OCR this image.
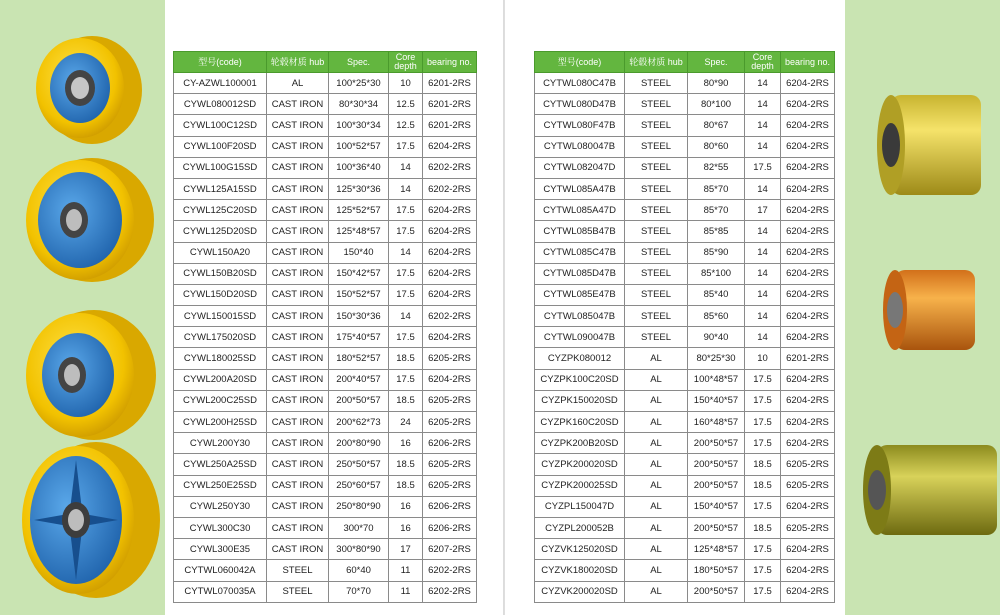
型号(code)	轮毂材质 hub	Spec.	Core depth	bearing no.
CY-AZWL100001	AL	100*25*30	10	6201-2RS
CYWL080012SD	CAST IRON	80*30*34	12.5	6201-2RS
CYWL100C12SD	CAST IRON	100*30*34	12.5	6201-2RS
CYWL100F20SD	CAST IRON	100*52*57	17.5	6204-2RS
CYWL100G15SD	CAST IRON	100*36*40	14	6202-2RS
CYWL125A15SD	CAST IRON	125*30*36	14	6202-2RS
CYWL125C20SD	CAST IRON	125*52*57	17.5	6204-2RS
CYWL125D20SD	CAST IRON	125*48*57	17.5	6204-2RS
CYWL150A20	CAST IRON	150*40	14	6204-2RS
CYWL150B20SD	CAST IRON	150*42*57	17.5	6204-2RS
CYWL150D20SD	CAST IRON	150*52*57	17.5	6204-2RS
CYWL150015SD	CAST IRON	150*30*36	14	6202-2RS
CYWL175020SD	CAST IRON	175*40*57	17.5	6204-2RS
CYWL180025SD	CAST IRON	180*52*57	18.5	6205-2RS
CYWL200A20SD	CAST IRON	200*40*57	17.5	6204-2RS
CYWL200C25SD	CAST IRON	200*50*57	18.5	6205-2RS
CYWL200H25SD	CAST IRON	200*62*73	24	6205-2RS
CYWL200Y30	CAST IRON	200*80*90	16	6206-2RS
CYWL250A25SD	CAST IRON	250*50*57	18.5	6205-2RS
CYWL250E25SD	CAST IRON	250*60*57	18.5	6205-2RS
CYWL250Y30	CAST IRON	250*80*90	16	6206-2RS
CYWL300C30	CAST IRON	300*70	16	6206-2RS
CYWL300E35	CAST IRON	300*80*90	17	6207-2RS
CYTWL060042A	STEEL	60*40	11	6202-2RS
CYTWL070035A	STEEL	70*70	11	6202-2RS
型号(code)	轮毂材质 hub	Spec.	Core depth	bearing no.
CYTWL080C47B	STEEL	80*90	14	6204-2RS
CYTWL080D47B	STEEL	80*100	14	6204-2RS
CYTWL080F47B	STEEL	80*67	14	6204-2RS
CYTWL080047B	STEEL	80*60	14	6204-2RS
CYTWL082047D	STEEL	82*55	17.5	6204-2RS
CYTWL085A47B	STEEL	85*70	14	6204-2RS
CYTWL085A47D	STEEL	85*70	17	6204-2RS
CYTWL085B47B	STEEL	85*85	14	6204-2RS
CYTWL085C47B	STEEL	85*90	14	6204-2RS
CYTWL085D47B	STEEL	85*100	14	6204-2RS
CYTWL085E47B	STEEL	85*40	14	6204-2RS
CYTWL085047B	STEEL	85*60	14	6204-2RS
CYTWL090047B	STEEL	90*40	14	6204-2RS
CYZPK080012	AL	80*25*30	10	6201-2RS
CYZPK100C20SD	AL	100*48*57	17.5	6204-2RS
CYZPK150020SD	AL	150*40*57	17.5	6204-2RS
CYZPK160C20SD	AL	160*48*57	17.5	6204-2RS
CYZPK200B20SD	AL	200*50*57	17.5	6204-2RS
CYZPK200020SD	AL	200*50*57	18.5	6205-2RS
CYZPK200025SD	AL	200*50*57	18.5	6205-2RS
CYZPL150047D	AL	150*40*57	17.5	6204-2RS
CYZPL200052B	AL	200*50*57	18.5	6205-2RS
CYZVK125020SD	AL	125*48*57	17.5	6204-2RS
CYZVK180020SD	AL	180*50*57	17.5	6204-2RS
CYZVK200020SD	AL	200*50*57	17.5	6204-2RS
